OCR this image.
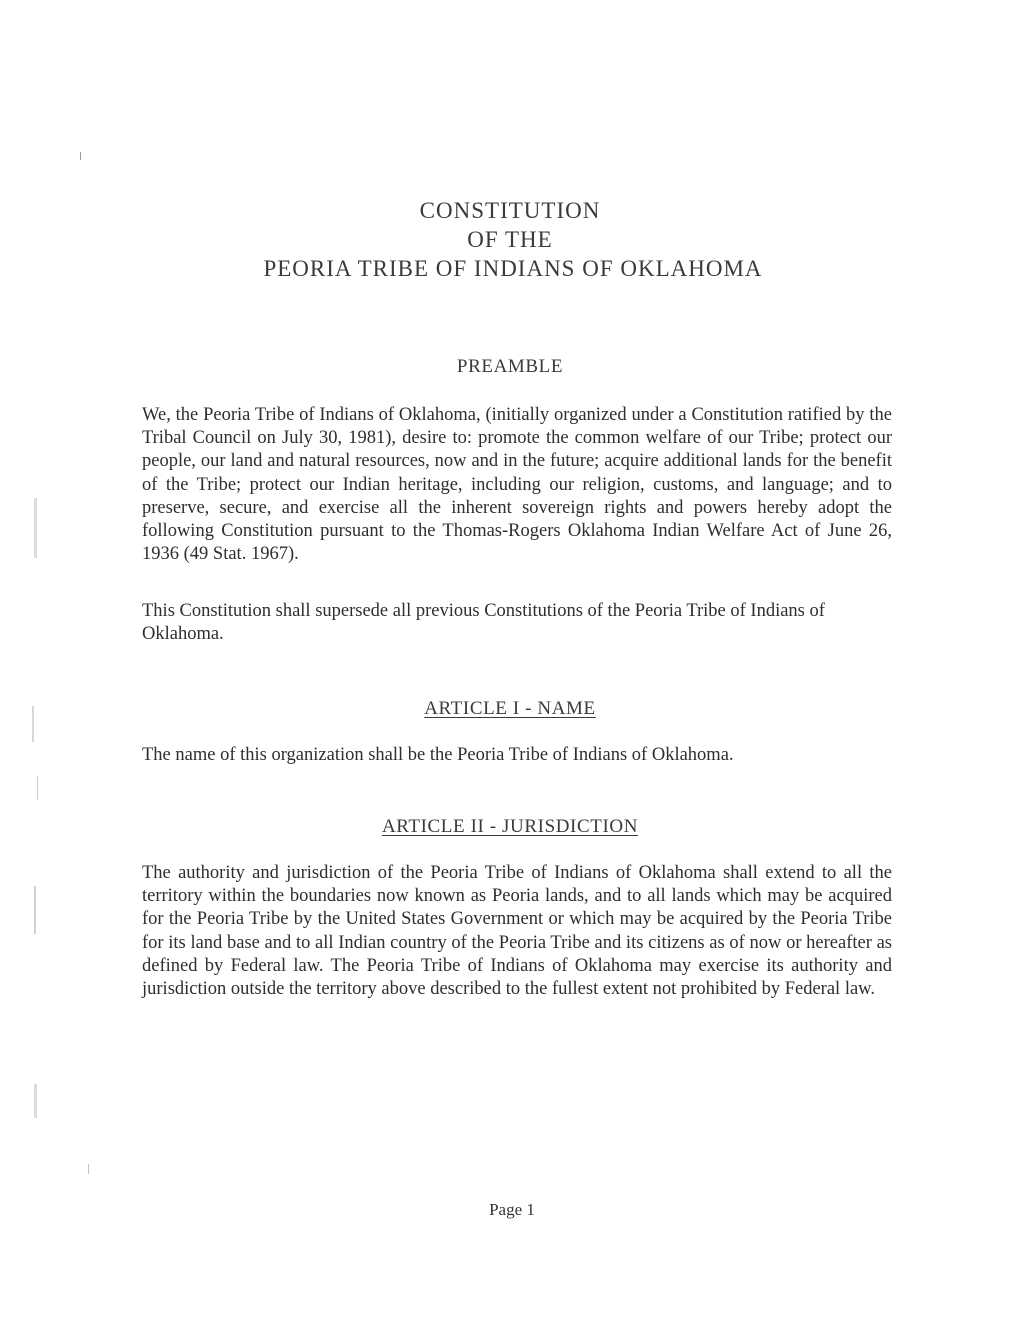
CONSTITUTION
OF THE
PEORIA TRIBE OF INDIANS OF OKLAHOMA
PREAMBLE

We, the Peoria Tribe of Indians of Oklahoma, (initially organized under a Constitution ratified by the Tribal Council on July 30, 1981), desire to: promote the common welfare of our Tribe; protect our people, our land and natural resources, now and in the future; acquire additional lands for the benefit of the Tribe; protect our Indian heritage, including our religion, customs, and language; and to preserve, secure, and exercise all the inherent sovereign rights and powers hereby adopt the following Constitution pursuant to the Thomas-Rogers Oklahoma Indian Welfare Act of June 26, 1936 (49 Stat. 1967).

This Constitution shall supersede all previous Constitutions of the Peoria Tribe of Indians of Oklahoma.

ARTICLE I - NAME

The name of this organization shall be the Peoria Tribe of Indians of Oklahoma.

ARTICLE II - JURISDICTION

The authority and jurisdiction of the Peoria Tribe of Indians of Oklahoma shall extend to all the territory within the boundaries now known as Peoria lands, and to all lands which may be acquired for the Peoria Tribe by the United States Government or which may be acquired by the Peoria Tribe for its land base and to all Indian country of the Peoria Tribe and its citizens as of now or hereafter as defined by Federal law. The Peoria Tribe of Indians of Oklahoma may exercise its authority and jurisdiction outside the territory above described to the fullest extent not prohibited by Federal law.

Page 1
